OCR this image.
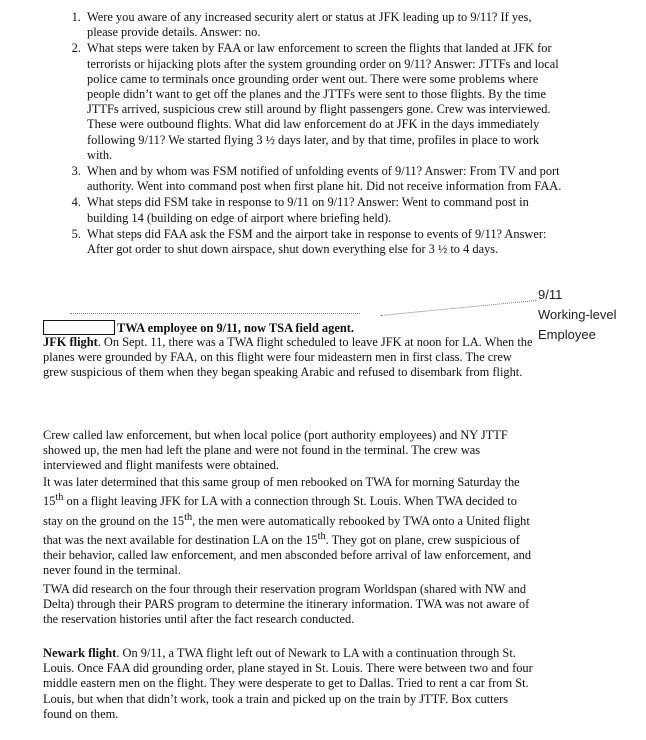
1. Were you aware of any increased security alert or status at JFK leading up to 9/11? If yes, please provide details. Answer: no.
2. What steps were taken by FAA or law enforcement to screen the flights that landed at JFK for terrorists or hijacking plots after the system grounding order on 9/11? Answer: JTTFs and local police came to terminals once grounding order went out. There were some problems where people didn’t want to get off the planes and the JTTFs were sent to those flights. By the time JTTFs arrived, suspicious crew still around by flight passengers gone. Crew was interviewed. These were outbound flights. What did law enforcement do at JFK in the days immediately following 9/11? We started flying 3 ½ days later, and by that time, profiles in place to work with.
3. When and by whom was FSM notified of unfolding events of 9/11? Answer: From TV and port authority. Went into command post when first plane hit. Did not receive information from FAA.
4. What steps did FSM take in response to 9/11 on 9/11? Answer: Went to command post in building 14 (building on edge of airport where briefing held).
5. What steps did FAA ask the FSM and the airport take in response to events of 9/11? Answer: After got order to shut down airspace, shut down everything else for 3 ½ to 4 days.
9/11
Working-level
Employee
TWA employee on 9/11, now TSA field agent.

JFK flight. On Sept. 11, there was a TWA flight scheduled to leave JFK at noon for LA. When the planes were grounded by FAA, on this flight were four mideastern men in first class. The crew grew suspicious of them when they began speaking Arabic and refused to disembark from flight.

Crew called law enforcement, but when local police (port authority employees) and NY JTTF showed up, the men had left the plane and were not found in the terminal. The crew was interviewed and flight manifests were obtained.

It was later determined that this same group of men rebooked on TWA for morning Saturday the 15th on a flight leaving JFK for LA with a connection through St. Louis. When TWA decided to stay on the ground on the 15th, the men were automatically rebooked by TWA onto a United flight that was the next available for destination LA on the 15th. They got on plane, crew suspicious of their behavior, called law enforcement, and men absconded before arrival of law enforcement, and never found in the terminal.

TWA did research on the four through their reservation program Worldspan (shared with NW and Delta) through their PARS program to determine the itinerary information. TWA was not aware of the reservation histories until after the fact research conducted.

Newark flight. On 9/11, a TWA flight left out of Newark to LA with a continuation through St. Louis. Once FAA did grounding order, plane stayed in St. Louis. There were between two and four middle eastern men on the flight. They were desperate to get to Dallas. Tried to rent a car from St. Louis, but when that didn’t work, took a train and picked up on the train by JTTF. Box cutters found on them.
